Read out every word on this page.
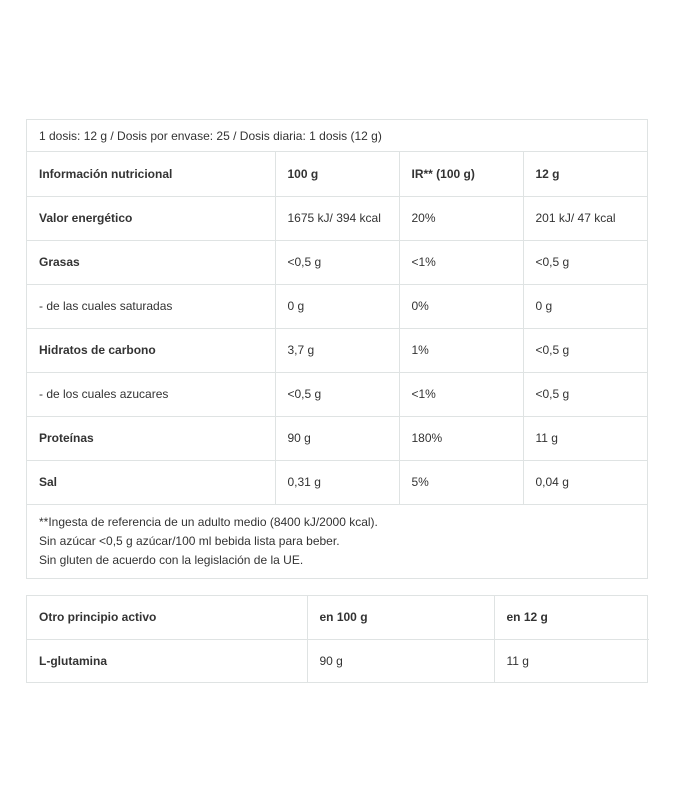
1 dosis: 12 g / Dosis por envase: 25 / Dosis diaria: 1 dosis (12 g)
Información nutricional	100 g	IR** (100 g)	12 g
Valor energético	1675 kJ/ 394 kcal	20%	201 kJ/ 47 kcal
Grasas	<0,5 g	<1%	<0,5 g
- de las cuales saturadas	0 g	0%	0 g
Hidratos de carbono	3,7 g	1%	<0,5 g
- de los cuales azucares	<0,5 g	<1%	<0,5 g
Proteínas	90 g	180%	11 g
Sal	0,31 g	5%	0,04 g
**Ingesta de referencia de un adulto medio (8400 kJ/2000 kcal).
Sin azúcar <0,5 g azúcar/100 ml bebida lista para beber.
Sin gluten de acuerdo con la legislación de la UE.
Otro principio activo	en 100 g	en 12 g
L-glutamina	90 g	11 g
